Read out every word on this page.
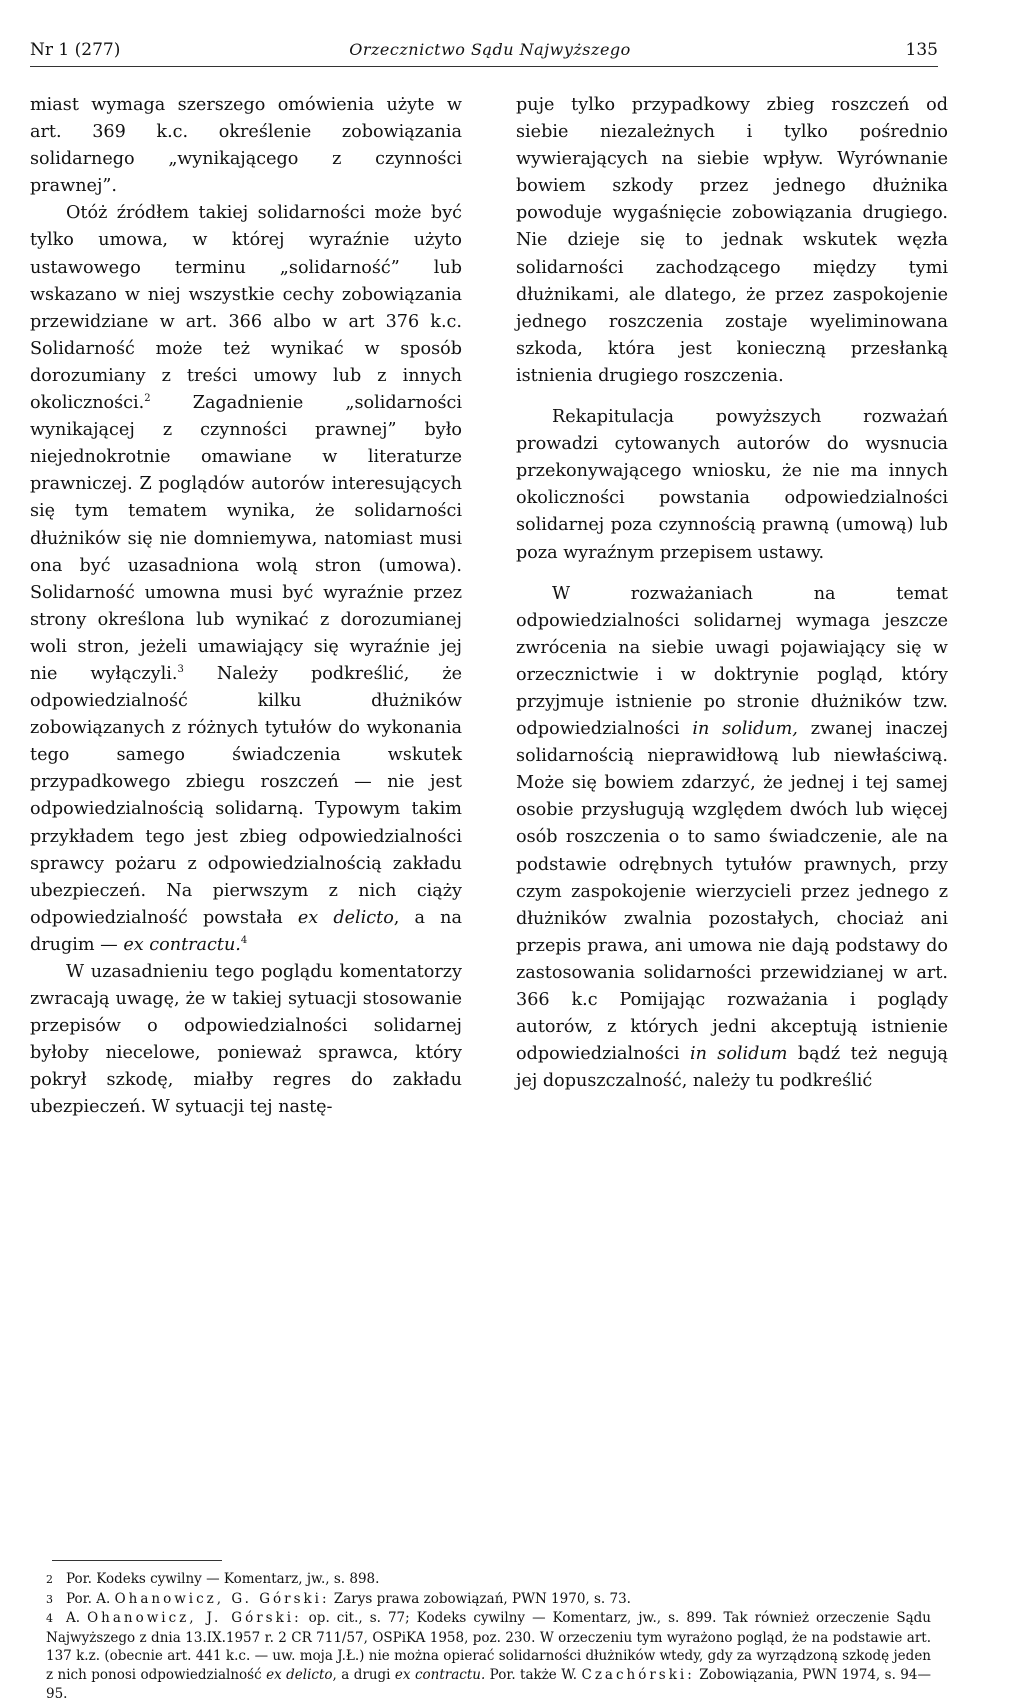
Nr 1 (277)	Orzecznictwo Sądu Najwyższego	135

miast wymaga szerszego omówienia użyte w art. 369 k.c. określenie zobowiązania solidarnego „wynikającego z czynności prawnej”.

Otóż źródłem takiej solidarności może być tylko umowa, w której wyraźnie użyto ustawowego terminu „solidarność” lub wskazano w niej wszystkie cechy zobowiązania przewidziane w art. 366 albo w art 376 k.c. Solidarność może też wynikać w sposób dorozumiany z treści umowy lub z innych okoliczności.$^2$ Zagadnienie „solidarności wynikającej z czynności prawnej” było niejednokrotnie omawiane w literaturze prawniczej. Z poglądów autorów interesujących się tym tematem wynika, że solidarności dłużników się nie domniemywa, natomiast musi ona być uzasadniona wolą stron (umowa). Solidarność umowna musi być wyraźnie przez strony określona lub wynikać z dorozumianej woli stron, jeżeli umawiający się wyraźnie jej nie wyłączyli.$^3$ Należy podkreślić, że odpowiedzialność kilku dłużników zobowiązanych z różnych tytułów do wykonania tego samego świadczenia wskutek przypadkowego zbiegu roszczeń — nie jest odpowiedzialnością solidarną. Typowym takim przykładem tego jest zbieg odpowiedzialności sprawcy pożaru z odpowiedzialnością zakładu ubezpieczeń. Na pierwszym z nich ciąży odpowiedzialność powstała ex delicto, a na drugim — ex contractu.$^4$

W uzasadnieniu tego poglądu komentatorzy zwracają uwagę, że w takiej sytuacji stosowanie przepisów o odpowiedzialności solidarnej byłoby niecelowe, ponieważ sprawca, który pokrył szkodę, miałby regres do zakładu ubezpieczeń. W sytuacji tej nastę-

puje tylko przypadkowy zbieg roszczeń od siebie niezależnych i tylko pośrednio wywierających na siebie wpływ. Wyrównanie bowiem szkody przez jednego dłużnika powoduje wygaśnięcie zobowiązania drugiego. Nie dzieje się to jednak wskutek węzła solidarności zachodzącego między tymi dłużnikami, ale dlatego, że przez zaspokojenie jednego roszczenia zostaje wyeliminowana szkoda, która jest konieczną przesłanką istnienia drugiego roszczenia.

Rekapitulacja powyższych rozważań prowadzi cytowanych autorów do wysnucia przekonywającego wniosku, że nie ma innych okoliczności powstania odpowiedzialności solidarnej poza czynnością prawną (umową) lub poza wyraźnym przepisem ustawy.

W rozważaniach na temat odpowiedzialności solidarnej wymaga jeszcze zwrócenia na siebie uwagi pojawiający się w orzecznictwie i w doktrynie pogląd, który przyjmuje istnienie po stronie dłużników tzw. odpowiedzialności in solidum, zwanej inaczej solidarnością nieprawidłową lub niewłaściwą. Może się bowiem zdarzyć, że jednej i tej samej osobie przysługują względem dwóch lub więcej osób roszczenia o to samo świadczenie, ale na podstawie odrębnych tytułów prawnych, przy czym zaspokojenie wierzycieli przez jednego z dłużników zwalnia pozostałych, chociaż ani przepis prawa, ani umowa nie dają podstawy do zastosowania solidarności przewidzianej w art. 366 k.c Pomijając rozważania i poglądy autorów, z których jedni akceptują istnienie odpowiedzialności in solidum bądź też negują jej dopuszczalność, należy tu podkreślić

2 Por. Kodeks cywilny — Komentarz, jw., s. 898.

3 Por. A. Ohanowicz, G. Górski: Zarys prawa zobowiązań, PWN 1970, s. 73.

4 A. Ohanowicz, J. Górski: op. cit., s. 77; Kodeks cywilny — Komentarz, jw., s. 899. Tak również orzeczenie Sądu Najwyższego z dnia 13.IX.1957 r. 2 CR 711/57, OSPiKA 1958, poz. 230. W orzeczeniu tym wyrażono pogląd, że na podstawie art. 137 k.z. (obecnie art. 441 k.c. — uw. moja J.Ł.) nie można opierać solidarności dłużników wtedy, gdy za wyrządzoną szkodę jeden z nich ponosi odpowiedzialność ex delicto, a drugi ex contractu. Por. także W. Czachórski: Zobowiązania, PWN 1974, s. 94—95.
